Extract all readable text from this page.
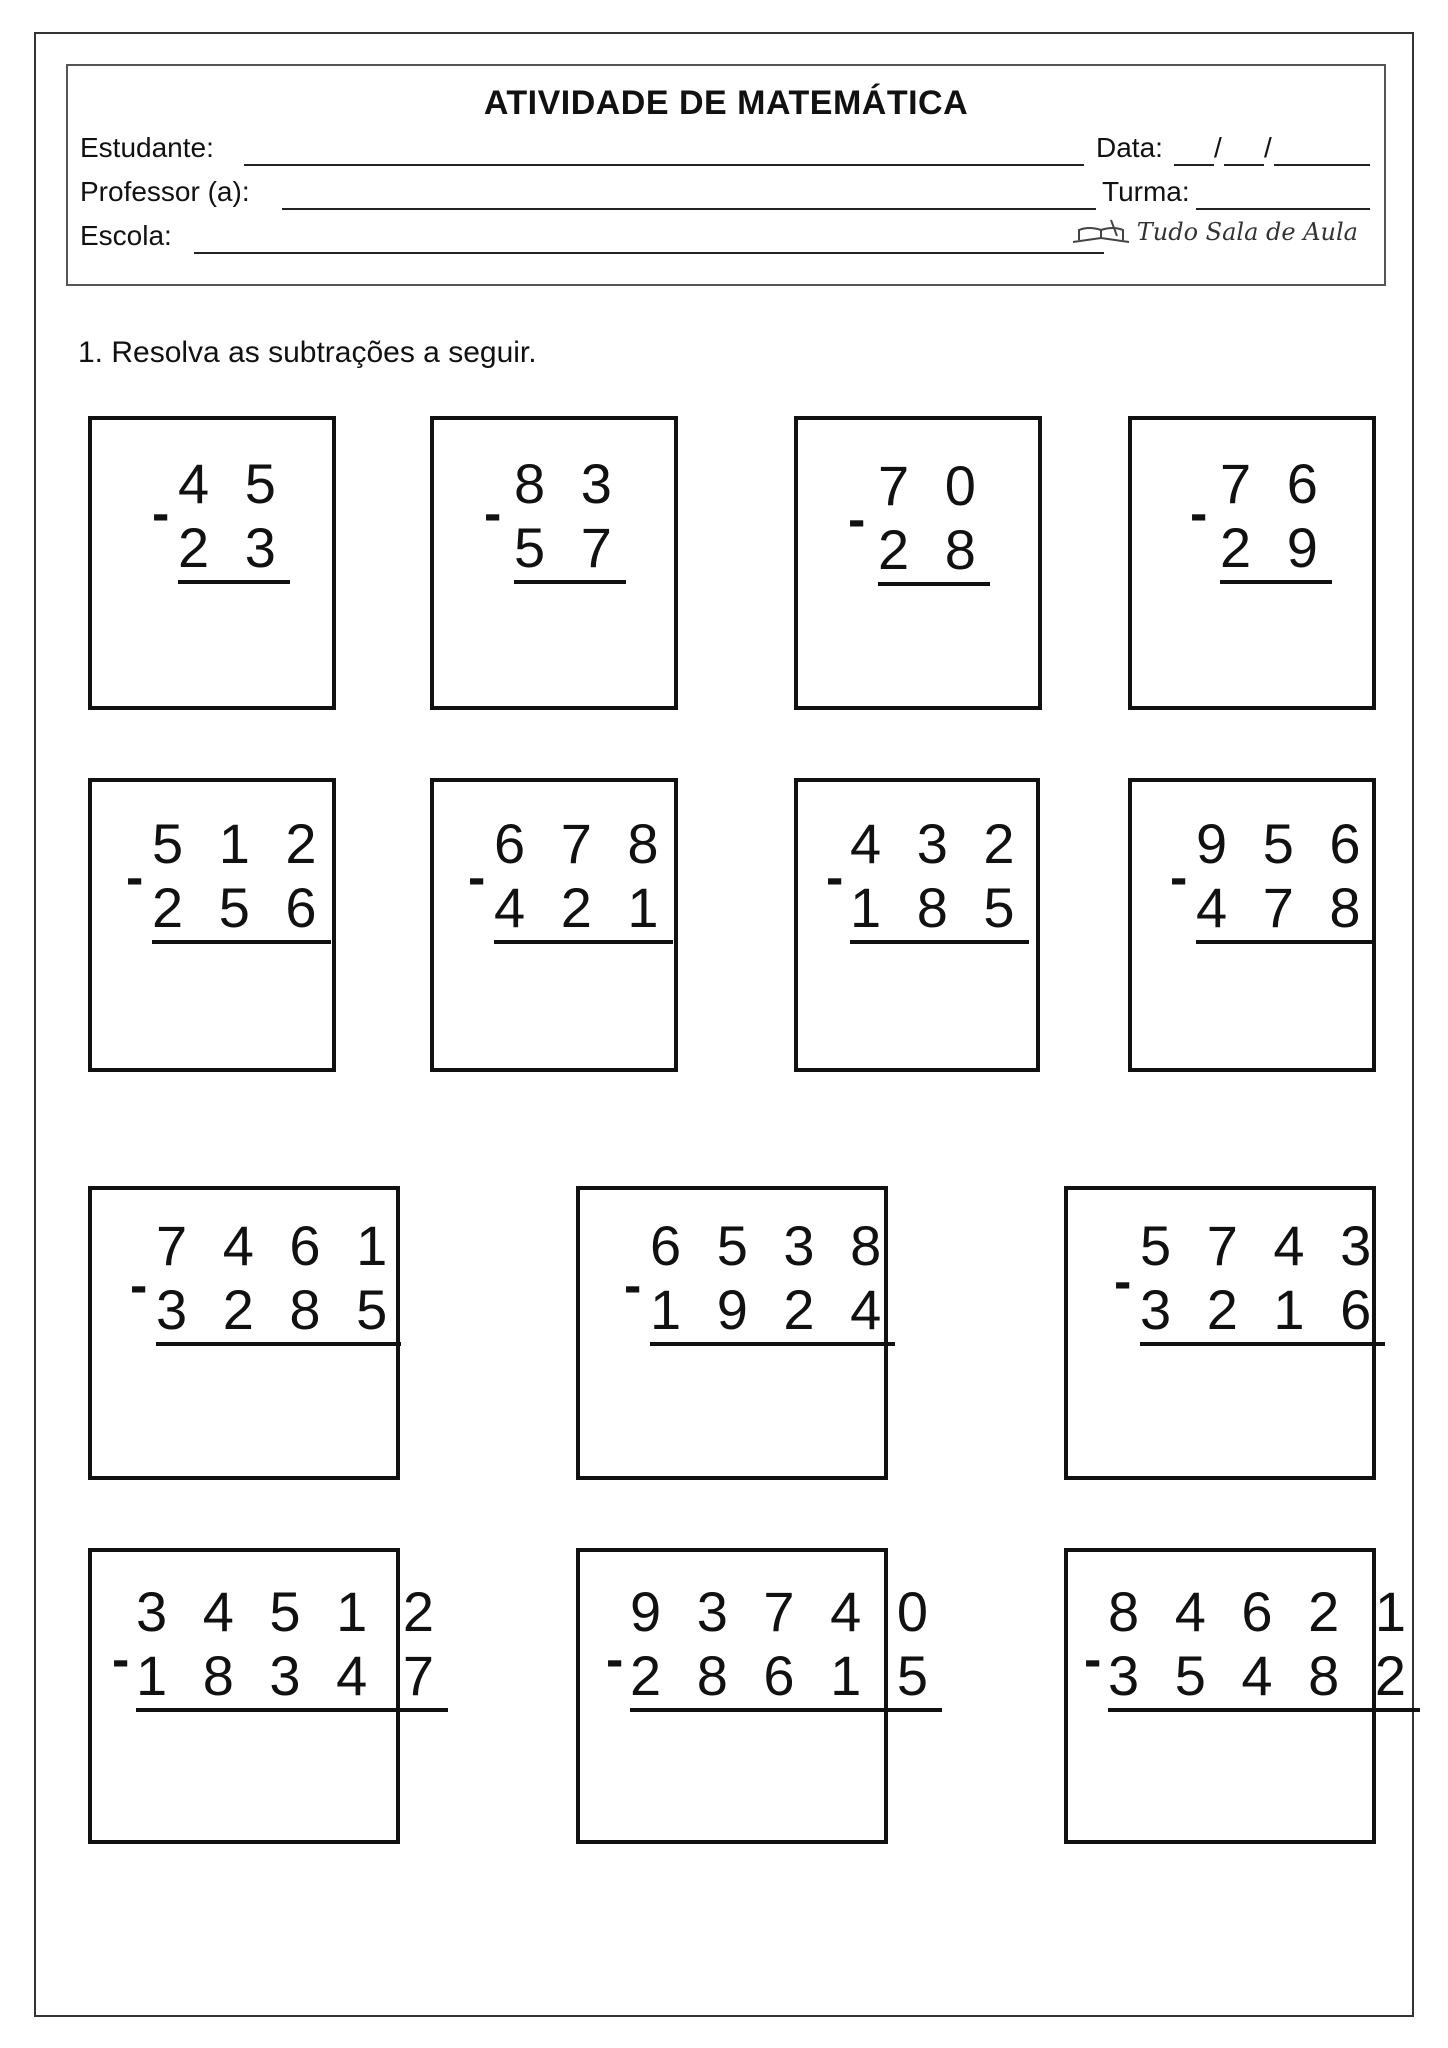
ATIVIDADE DE MATEMÁTICA
Estudante:	Data: / /
Professor (a):	Turma:
Escola:	Tudo Sala de Aula
1. Resolva as subtrações a seguir.
- 4 5
2 3
- 8 3
5 7	-
7 0
2 8
- 7 6
2 9
-
5 1 2
2 5 6	-
6 7 8
4 2 1	-
4 3 2
1 8 5	-
9 5 6
4 7 8
-
7 4 6 1
3 2 8 5	-
6 5 3 8
1 9 2 4	-
5 7 4 3
3 2 1 6
-
3 4 5 1 2
1 8 3 4 7	-
9 3 7 4 0
2 8 6 1 5	-
8 4 6 2 1
3 5 4 8 2
